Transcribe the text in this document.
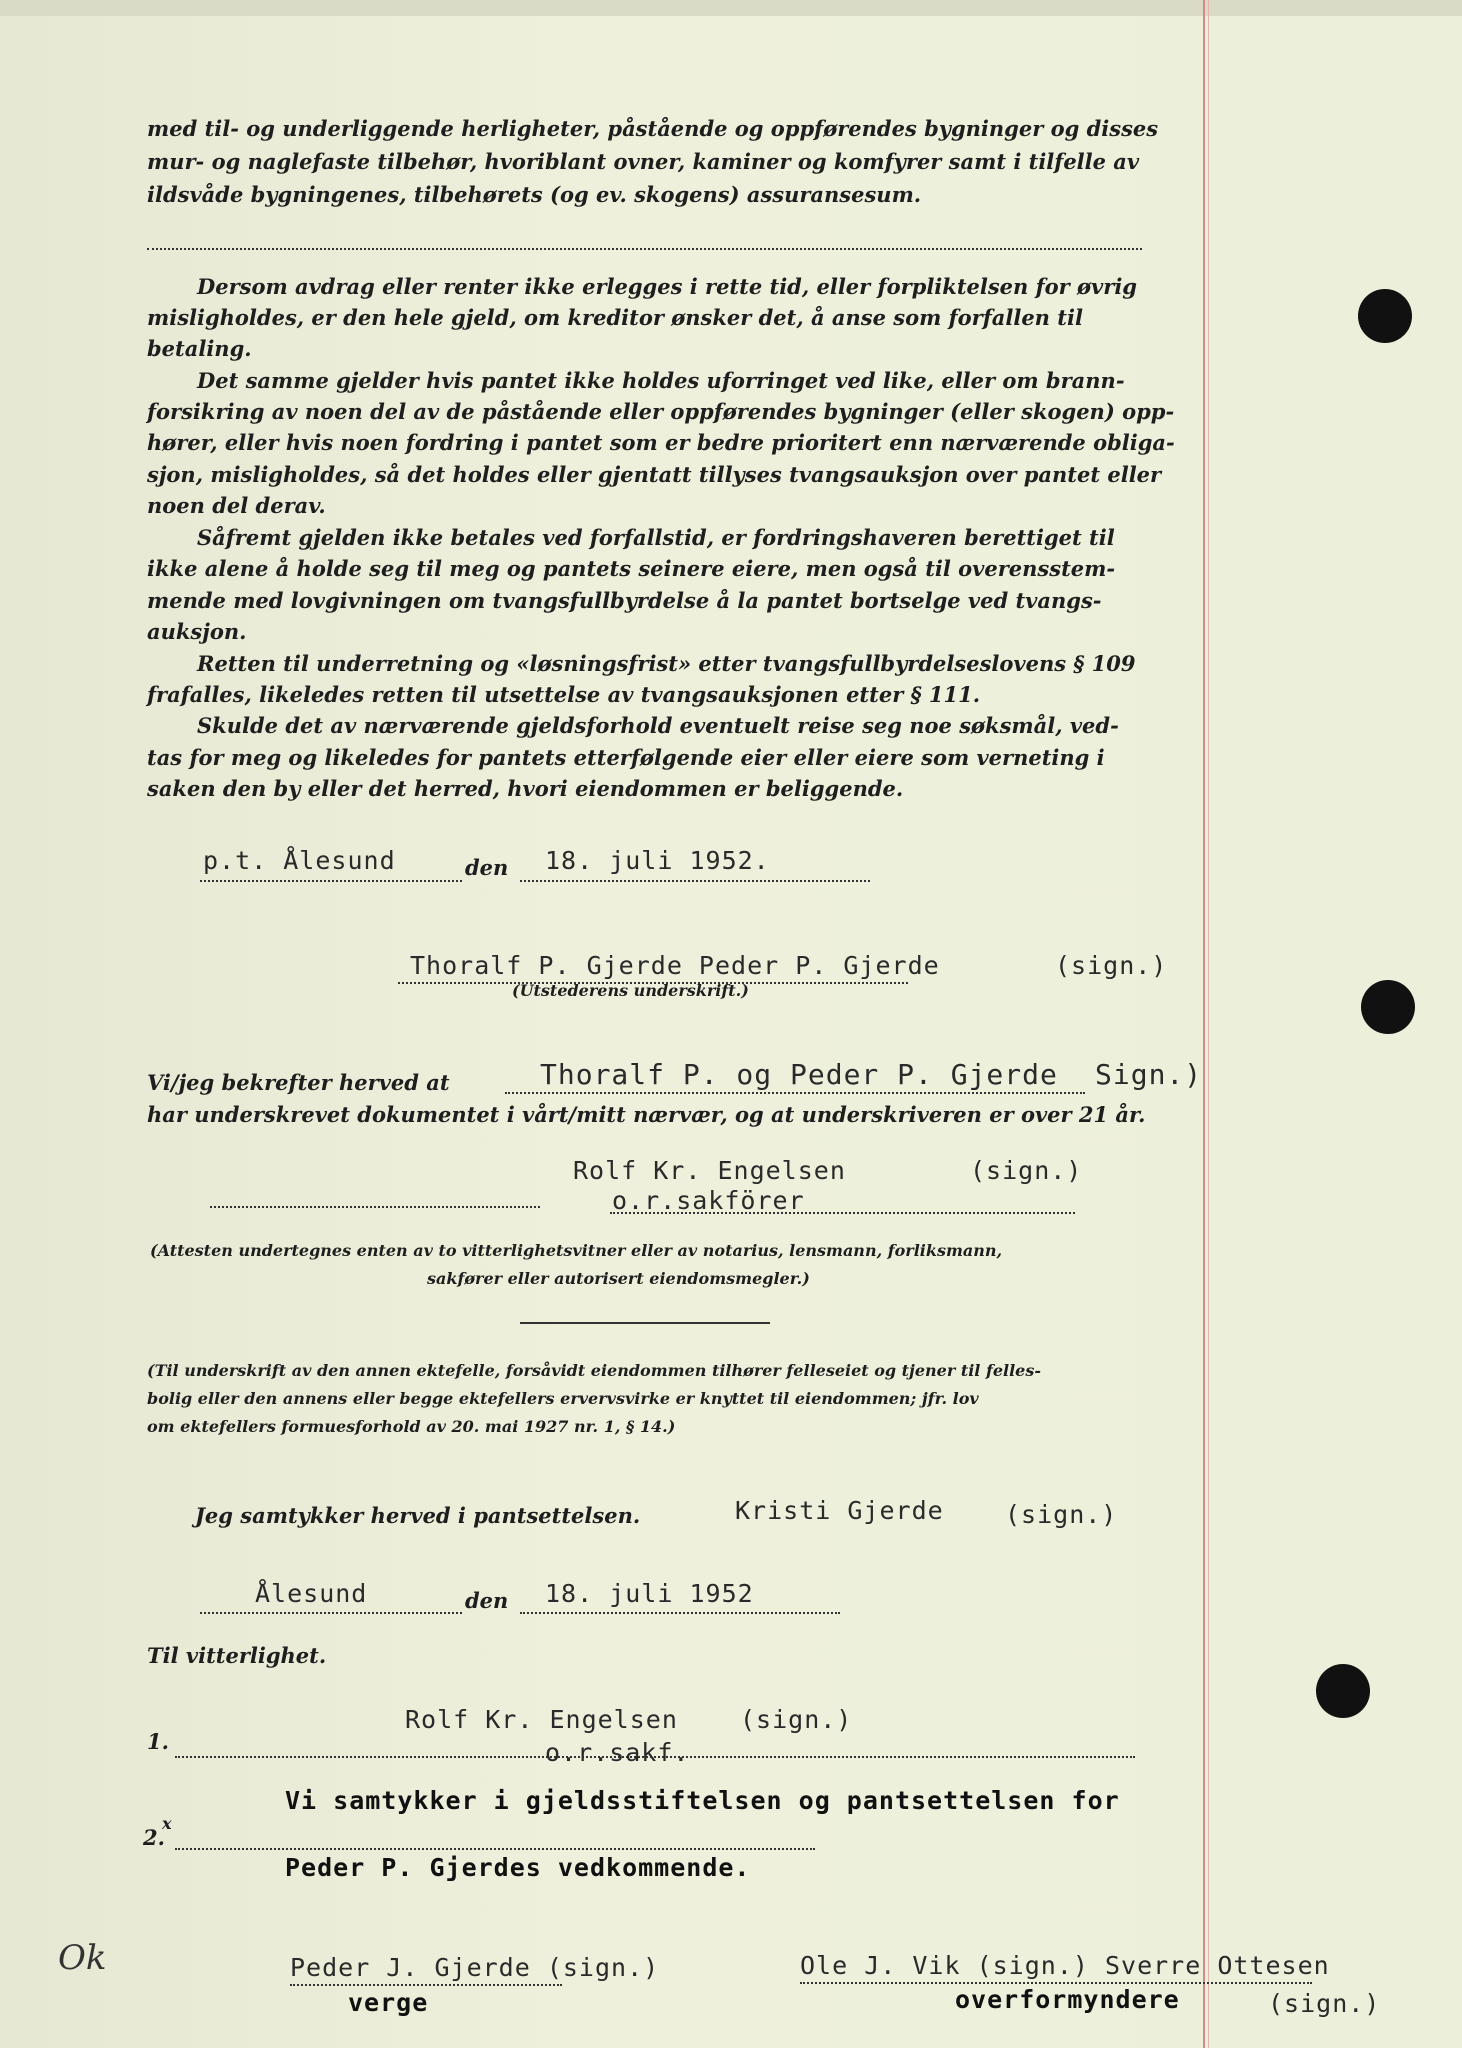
med til- og underliggende herligheter, påstående og oppførendes bygninger og disses
mur- og naglefaste tilbehør, hvoriblant ovner, kaminer og komfyrer samt i tilfelle av
ildsvåde bygningenes, tilbehørets (og ev. skogens) assuransesum.
Dersom avdrag eller renter ikke erlegges i rette tid, eller forpliktelsen for øvrig
misligholdes, er den hele gjeld, om kreditor ønsker det, å anse som forfallen til
betaling.
Det samme gjelder hvis pantet ikke holdes uforringet ved like, eller om brann-
forsikring av noen del av de påstående eller oppførendes bygninger (eller skogen) opp-
hører, eller hvis noen fordring i pantet som er bedre prioritert enn nærværende obliga-
sjon, misligholdes, så det holdes eller gjentatt tillyses tvangsauksjon over pantet eller
noen del derav.
Såfremt gjelden ikke betales ved forfallstid, er fordringshaveren berettiget til
ikke alene å holde seg til meg og pantets seinere eiere, men også til overensstem-
mende med lovgivningen om tvangsfullbyrdelse å la pantet bortselge ved tvangs-
auksjon.
Retten til underretning og «løsningsfrist» etter tvangsfullbyrdelseslovens § 109
frafalles, likeledes retten til utsettelse av tvangsauksjonen etter § 111.
Skulde det av nærværende gjeldsforhold eventuelt reise seg noe søksmål, ved-
tas for meg og likeledes for pantets etterfølgende eier eller eiere som verneting i
saken den by eller det herred, hvori eiendommen er beliggende.
p.t. Ålesund	den 18. juli 1952.
Thoralf P. Gjerde Peder P. Gjerde	(sign.)
(Utstederens underskrift.)
Vi/jeg bekrefter herved at	Thoralf P. og Peder P. Gjerde Sign.)
har underskrevet dokumentet i vårt/mitt nærvær, og at underskriveren er over 21 år.
Rolf Kr. Engelsen	(sign.)
o.r.sakförer
(Attesten undertegnes enten av to vitterlighetsvitner eller av notarius, lensmann, forliksmann,
sakfører eller autorisert eiendomsmegler.)
(Til underskrift av den annen ektefelle, forsåvidt eiendommen tilhører felleseiet og tjener til felles-
bolig eller den annens eller begge ektefellers ervervsvirke er knyttet til eiendommen; jfr. lov
om ektefellers formuesforhold av 20. mai 1927 nr. 1, § 14.)
Jeg samtykker herved i pantsettelsen.	Kristi Gjerde (sign.)
Ålesund	den 18. juli 1952
Til vitterlighet.
Rolf Kr. Engelsen (sign.)
1.	o.r.sakf.
Vi samtykker i gjeldsstiftelsen og pantsettelsen for
2.
x
Peder P. Gjerdes vedkommende.
Ok	Peder J. Gjerde (sign.)
verge
Ole J. Vik (sign.) Sverre Ottesen
overformyndere	(sign.)
